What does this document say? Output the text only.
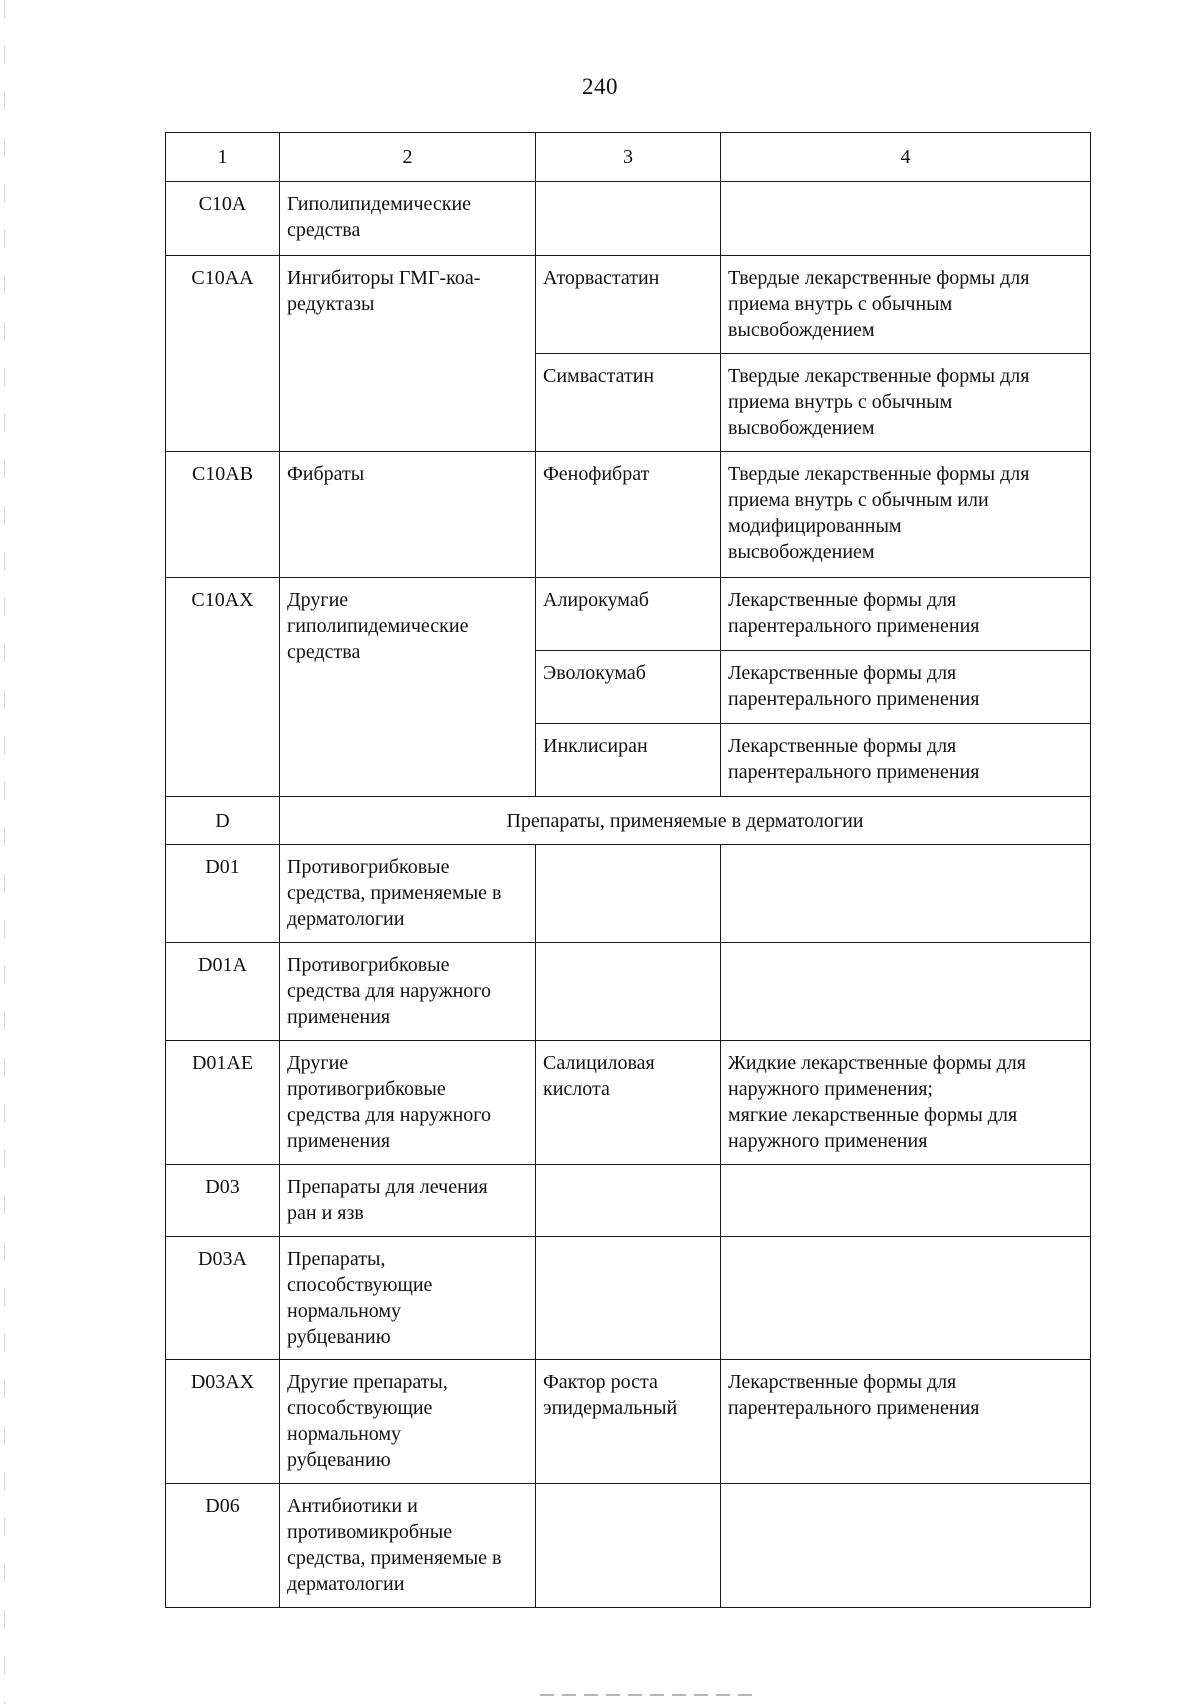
240
1	2	3	4
C10A	Гиполипидемические
средства		
C10AA	Ингибиторы ГМГ-коа-
редуктазы	Аторвастатин	Твердые лекарственные формы для
приема внутрь с обычным
высвобождением
		Симвастатин	Твердые лекарственные формы для
приема внутрь с обычным
высвобождением
C10AB	Фибраты	Фенофибрат	Твердые лекарственные формы для
приема внутрь с обычным или
модифицированным
высвобождением
C10AX	Другие
гиполипидемические
средства	Алирокумаб	Лекарственные формы для
парентерального применения
		Эволокумаб	Лекарственные формы для
парентерального применения
		Инклисиран	Лекарственные формы для
парентерального применения
D	Препараты, применяемые в дерматологии		
D01	Противогрибковые
средства, применяемые в
дерматологии		
D01A	Противогрибковые
средства для наружного
применения		
D01AE	Другие
противогрибковые
средства для наружного
применения	Салициловая
кислота	Жидкие лекарственные формы для
наружного применения;
мягкие лекарственные формы для
наружного применения
D03	Препараты для лечения
ран и язв		
D03A	Препараты,
способствующие
нормальному
рубцеванию		
D03AX	Другие препараты,
способствующие
нормальному
рубцеванию	Фактор роста
эпидермальный	Лекарственные формы для
парентерального применения
D06	Антибиотики и
противомикробные
средства, применяемые в
дерматологии		
